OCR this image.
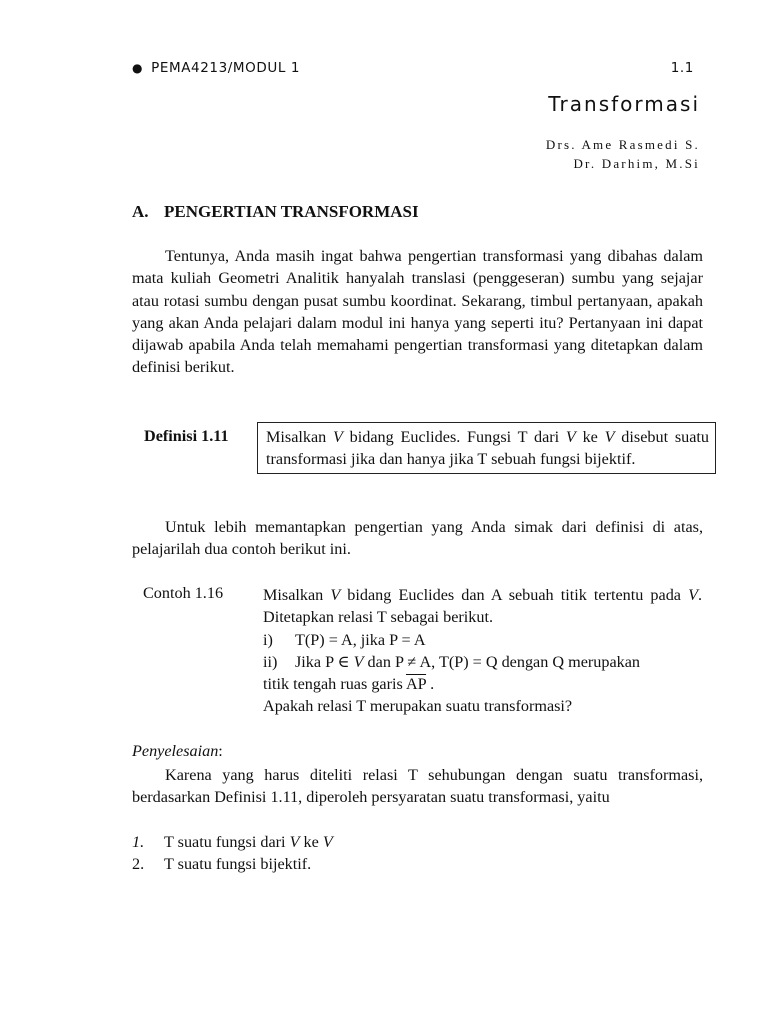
● PEMA4213/MODUL 1	1.1
Transformasi
Drs. Ame Rasmedi S.
Dr. Darhim, M.Si
A. PENGERTIAN TRANSFORMASI
Tentunya, Anda masih ingat bahwa pengertian transformasi yang dibahas dalam mata kuliah Geometri Analitik hanyalah translasi (penggeseran) sumbu yang sejajar atau rotasi sumbu dengan pusat sumbu koordinat. Sekarang, timbul pertanyaan, apakah yang akan Anda pelajari dalam modul ini hanya yang seperti itu? Pertanyaan ini dapat dijawab apabila Anda telah memahami pengertian transformasi yang ditetapkan dalam definisi berikut.
Definisi 1.11	Misalkan V bidang Euclides. Fungsi T dari V ke V disebut suatu transformasi jika dan hanya jika T sebuah fungsi bijektif.
Untuk lebih memantapkan pengertian yang Anda simak dari definisi di atas, pelajarilah dua contoh berikut ini.
Contoh 1.16 Misalkan V bidang Euclides dan A sebuah titik tertentu pada V. Ditetapkan relasi T sebagai berikut.
i)	T(P) = A, jika P = A
ii)	Jika P ∈ V dan P ≠ A, T(P) = Q dengan Q merupakan
titik tengah ruas garis $\overline{AP}$ .
Apakah relasi T merupakan suatu transformasi?
Penyelesaian:
Karena yang harus diteliti relasi T sehubungan dengan suatu transformasi, berdasarkan Definisi 1.11, diperoleh persyaratan suatu transformasi, yaitu
1.	T suatu fungsi dari V ke V
2.	T suatu fungsi bijektif.
